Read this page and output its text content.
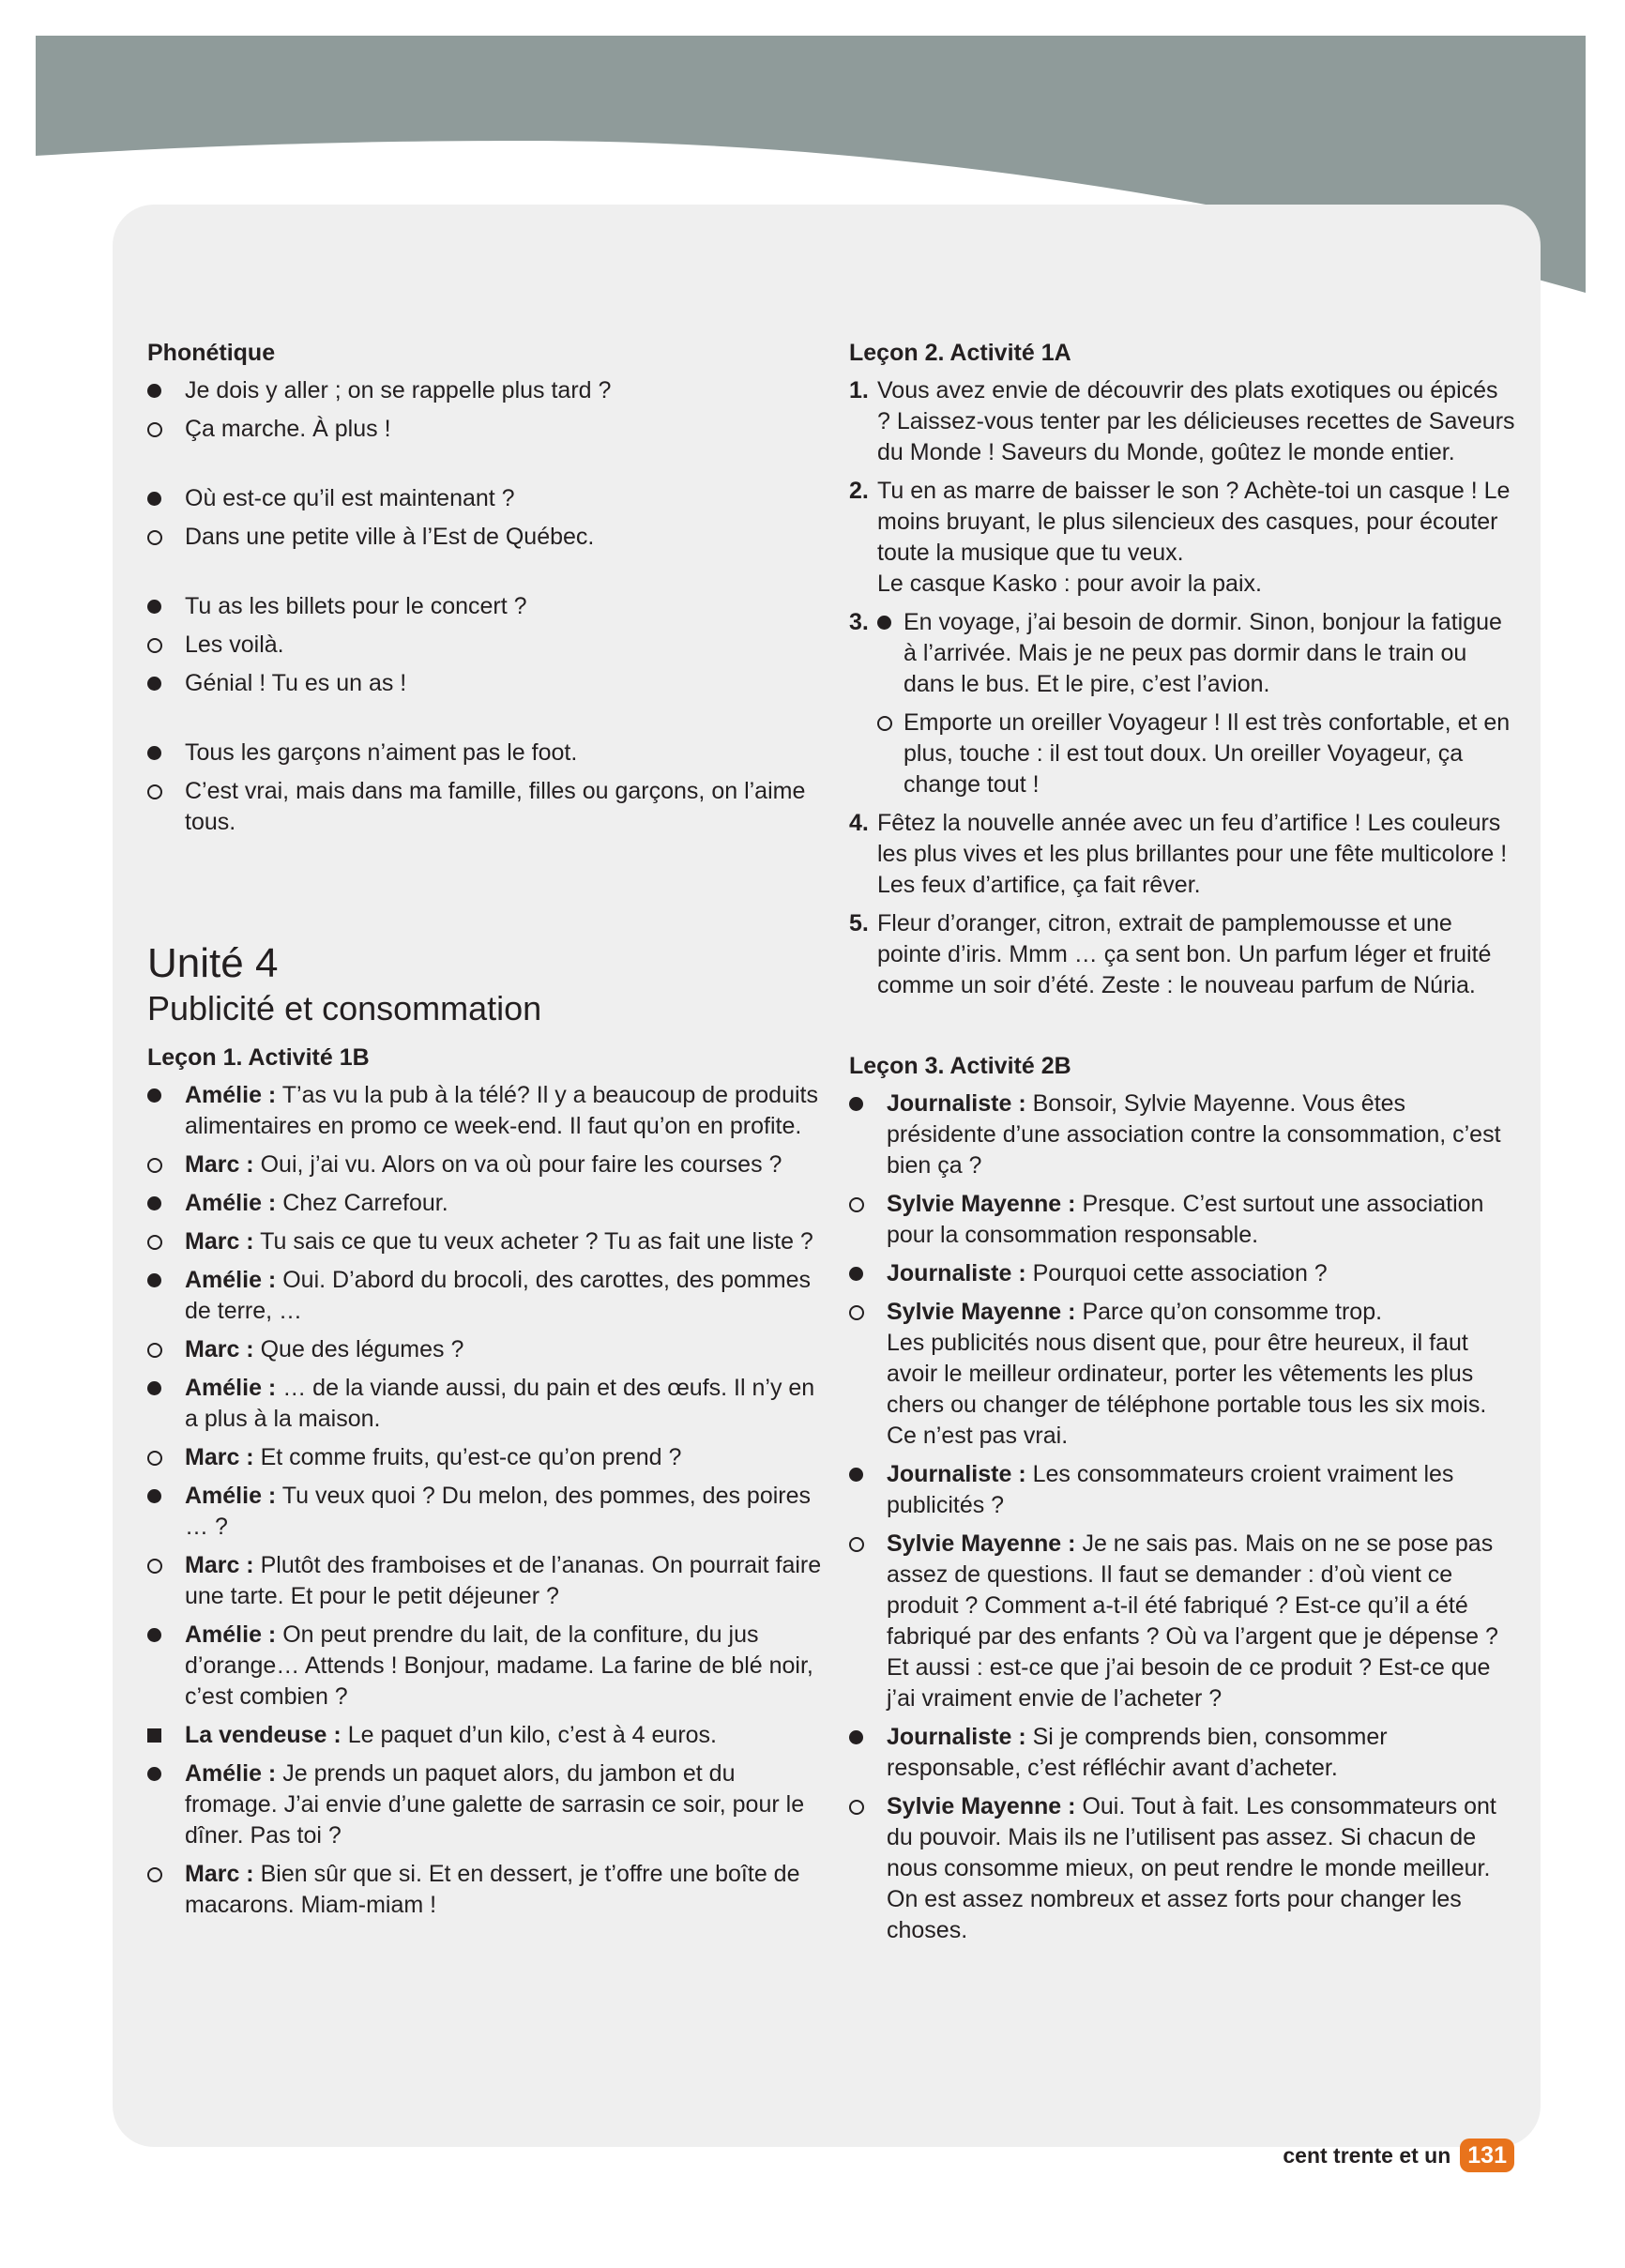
Phonétique
Je dois y aller ; on se rappelle plus tard ?
Ça marche. À plus !
Où est-ce qu’il est maintenant ?
Dans une petite ville à l’Est de Québec.
Tu as les billets pour le concert ?
Les voilà.
Génial ! Tu es un as !
Tous les garçons n’aiment pas le foot.
C’est vrai, mais dans ma famille, filles ou garçons, on l’aime tous.
Unité 4
Publicité et consommation
Leçon 1. Activité 1B
Amélie : T’as vu la pub à la télé? Il y a beaucoup de produits alimentaires en promo ce week-end. Il faut qu’on en profite.
Marc : Oui, j’ai vu. Alors on va où pour faire les courses ?
Amélie : Chez Carrefour.
Marc : Tu sais ce que tu veux acheter ? Tu as fait une liste ?
Amélie : Oui. D’abord du brocoli, des carottes, des pommes de terre, …
Marc : Que des légumes ?
Amélie : … de la viande aussi, du pain et des œufs. Il n’y en a plus à la maison.
Marc : Et comme fruits, qu’est-ce qu’on prend ?
Amélie : Tu veux quoi ? Du melon, des pommes, des poires … ?
Marc : Plutôt des framboises et de l’ananas. On pourrait faire une tarte. Et pour le petit déjeuner ?
Amélie : On peut prendre du lait, de la confiture, du jus d’orange… Attends ! Bonjour, madame. La farine de blé noir, c’est combien ?
La vendeuse : Le paquet d’un kilo, c’est à 4 euros.
Amélie : Je prends un paquet alors, du jambon et du fromage. J’ai envie d’une galette de sarrasin ce soir, pour le dîner. Pas toi ?
Marc : Bien sûr que si. Et en dessert, je t’offre une boîte de macarons. Miam-miam !
Leçon 2. Activité 1A
1. Vous avez envie de découvrir des plats exotiques ou épicés ? Laissez-vous tenter par les délicieuses recettes de Saveurs du Monde ! Saveurs du Monde, goûtez le monde entier.
2. Tu en as marre de baisser le son ? Achète-toi un casque ! Le moins bruyant, le plus silencieux des casques, pour écouter toute la musique que tu veux.
Le casque Kasko : pour avoir la paix.
3.	En voyage, j’ai besoin de dormir. Sinon, bonjour la fatigue à l’arrivée. Mais je ne peux pas dormir dans le train ou dans le bus. Et le pire, c’est l’avion.
Emporte un oreiller Voyageur ! Il est très confortable, et en plus, touche : il est tout doux. Un oreiller Voyageur, ça change tout !
4. Fêtez la nouvelle année avec un feu d’artifice ! Les couleurs les plus vives et les plus brillantes pour une fête multicolore ! Les feux d’artifice, ça fait rêver.
5. Fleur d’oranger, citron, extrait de pamplemousse et une pointe d’iris. Mmm … ça sent bon. Un parfum léger et fruité comme un soir d’été. Zeste : le nouveau parfum de Núria.
Leçon 3. Activité 2B
Journaliste : Bonsoir, Sylvie Mayenne. Vous êtes présidente d’une association contre la consommation, c’est bien ça ?
Sylvie Mayenne : Presque. C’est surtout une association pour la consommation responsable.
Journaliste : Pourquoi cette association ?
Sylvie Mayenne : Parce qu’on consomme trop.
Les publicités nous disent que, pour être heureux, il faut avoir le meilleur ordinateur, porter les vêtements les plus chers ou changer de téléphone portable tous les six mois. Ce n’est pas vrai.
Journaliste : Les consommateurs croient vraiment les publicités ?
Sylvie Mayenne : Je ne sais pas. Mais on ne se pose pas assez de questions. Il faut se demander : d’où vient ce produit ? Comment a-t-il été fabriqué ? Est-ce qu’il a été fabriqué par des enfants ? Où va l’argent que je dépense ? Et aussi : est-ce que j’ai besoin de ce produit ? Est-ce que j’ai vraiment envie de l’acheter ?
Journaliste : Si je comprends bien, consommer responsable, c’est réfléchir avant d’acheter.
Sylvie Mayenne : Oui. Tout à fait. Les consommateurs ont du pouvoir. Mais ils ne l’utilisent pas assez. Si chacun de nous consomme mieux, on peut rendre le monde meilleur. On est assez nombreux et assez forts pour changer les choses.
cent trente et un 131
